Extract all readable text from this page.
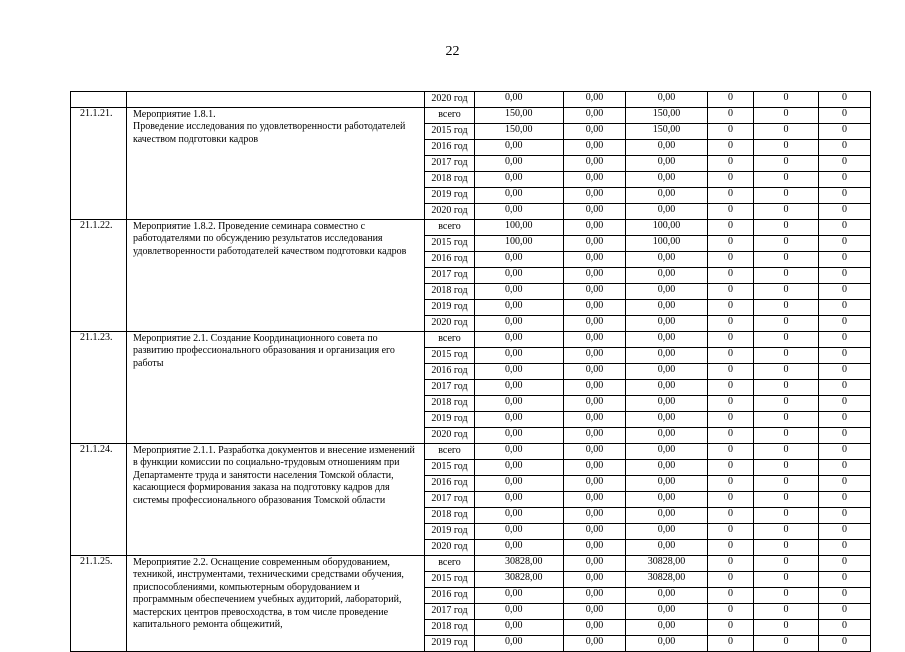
22
		2020 год	0,00	0,00	0,00	0	0	0
21.1.21.	Мероприятие 1.8.1.
Проведение исследования по удовлетворенности работодателей качеством подготовки кадров	всего	150,00	0,00	150,00	0	0	0
		2015 год	150,00	0,00	150,00	0	0	0
		2016 год	0,00	0,00	0,00	0	0	0
		2017 год	0,00	0,00	0,00	0	0	0
		2018 год	0,00	0,00	0,00	0	0	0
		2019 год	0,00	0,00	0,00	0	0	0
		2020 год	0,00	0,00	0,00	0	0	0
21.1.22.	Мероприятие 1.8.2. Проведение семинара совместно с работодателями по обсуждению результатов исследования удовлетворенности работодателей качеством подготовки кадров	всего	100,00	0,00	100,00	0	0	0
		2015 год	100,00	0,00	100,00	0	0	0
		2016 год	0,00	0,00	0,00	0	0	0
		2017 год	0,00	0,00	0,00	0	0	0
		2018 год	0,00	0,00	0,00	0	0	0
		2019 год	0,00	0,00	0,00	0	0	0
		2020 год	0,00	0,00	0,00	0	0	0
21.1.23.	Мероприятие 2.1. Создание Координационного совета по развитию профессионального образования и организация его работы	всего	0,00	0,00	0,00	0	0	0
		2015 год	0,00	0,00	0,00	0	0	0
		2016 год	0,00	0,00	0,00	0	0	0
		2017 год	0,00	0,00	0,00	0	0	0
		2018 год	0,00	0,00	0,00	0	0	0
		2019 год	0,00	0,00	0,00	0	0	0
		2020 год	0,00	0,00	0,00	0	0	0
21.1.24.	Мероприятие 2.1.1. Разработка документов и внесение изменений в функции комиссии по социально-трудовым отношениям при Департаменте труда и занятости населения Томской области, касающиеся формирования заказа на подготовку кадров для системы профессионального образования Томской области	всего	0,00	0,00	0,00	0	0	0
		2015 год	0,00	0,00	0,00	0	0	0
		2016 год	0,00	0,00	0,00	0	0	0
		2017 год	0,00	0,00	0,00	0	0	0
		2018 год	0,00	0,00	0,00	0	0	0
		2019 год	0,00	0,00	0,00	0	0	0
		2020 год	0,00	0,00	0,00	0	0	0
21.1.25.	Мероприятие 2.2. Оснащение современным оборудованием, техникой, инструментами, техническими средствами обучения, приспособлениями, компьютерным оборудованием и программным обеспечением учебных аудиторий, лабораторий, мастерских центров превосходства, в том числе проведение капитального ремонта общежитий,	всего	30828,00	0,00	30828,00	0	0	0
		2015 год	30828,00	0,00	30828,00	0	0	0
		2016 год	0,00	0,00	0,00	0	0	0
		2017 год	0,00	0,00	0,00	0	0	0
		2018 год	0,00	0,00	0,00	0	0	0
		2019 год	0,00	0,00	0,00	0	0	0
